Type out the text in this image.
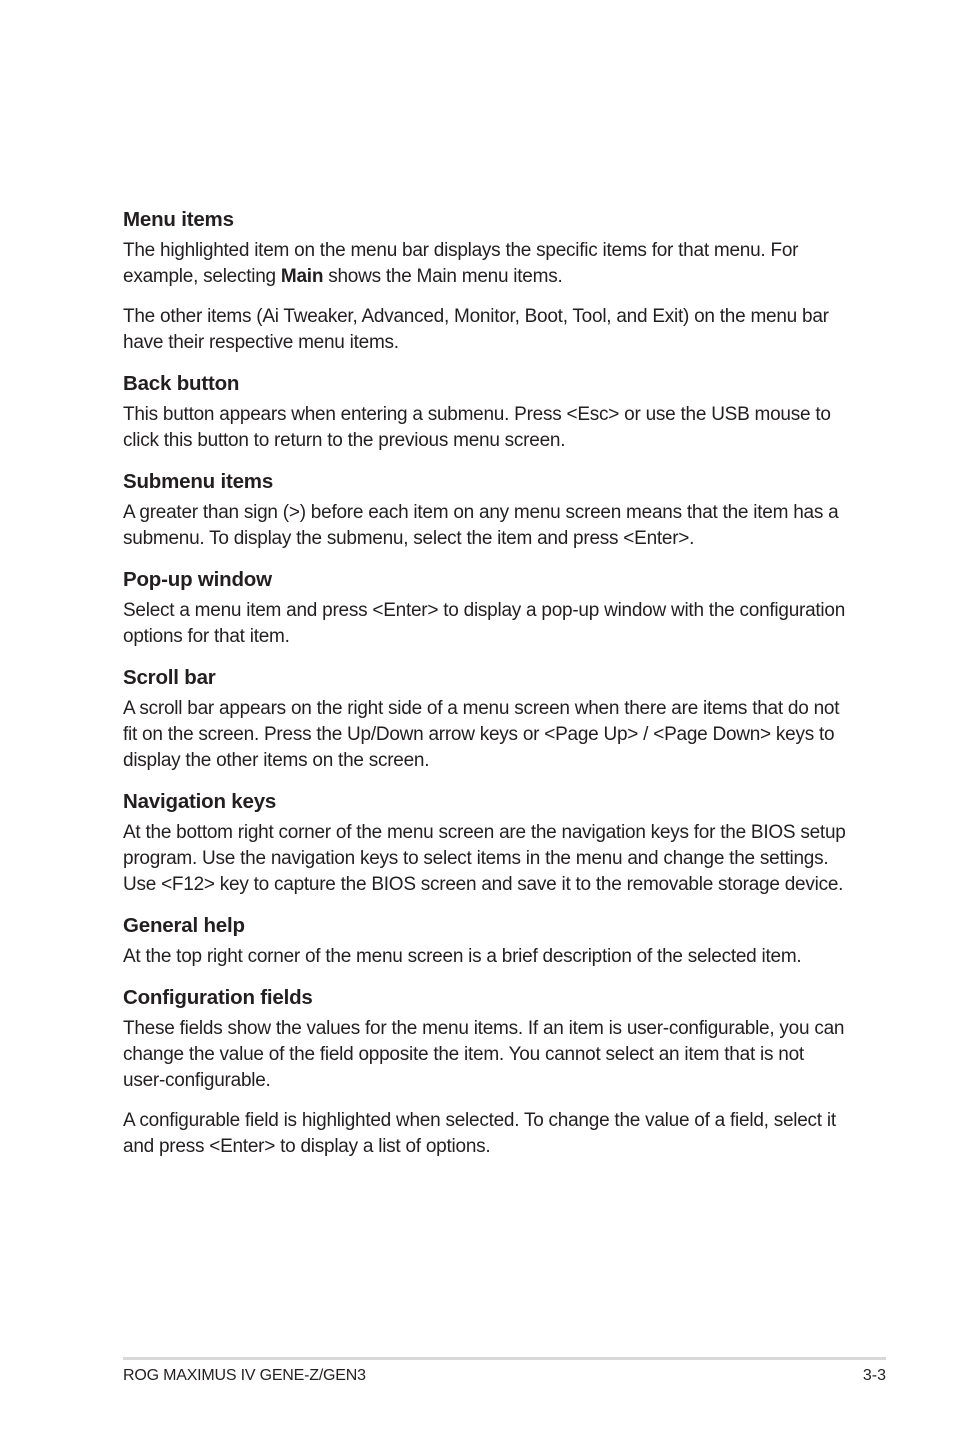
Menu items

The highlighted item on the menu bar displays the specific items for that menu. For example, selecting Main shows the Main menu items.

The other items (Ai Tweaker, Advanced, Monitor, Boot, Tool, and Exit) on the menu bar have their respective menu items.

Back button

This button appears when entering a submenu. Press <Esc> or use the USB mouse to click this button to return to the previous menu screen.

Submenu items

A greater than sign (>) before each item on any menu screen means that the item has a submenu. To display the submenu, select the item and press <Enter>.

Pop-up window

Select a menu item and press <Enter> to display a pop-up window with the configuration options for that item.

Scroll bar

A scroll bar appears on the right side of a menu screen when there are items that do not fit on the screen. Press the Up/Down arrow keys or <Page Up> / <Page Down> keys to display the other items on the screen.

Navigation keys

At the bottom right corner of the menu screen are the navigation keys for the BIOS setup program. Use the navigation keys to select items in the menu and change the settings. Use <F12> key to capture the BIOS screen and save it to the removable storage device.

General help

At the top right corner of the menu screen is a brief description of the selected item.

Configuration fields

These fields show the values for the menu items. If an item is user-configurable, you can change the value of the field opposite the item. You cannot select an item that is not user-configurable.

A configurable field is highlighted when selected. To change the value of a field, select it and press <Enter> to display a list of options.

ROG MAXIMUS IV GENE-Z/GEN3	3-3
